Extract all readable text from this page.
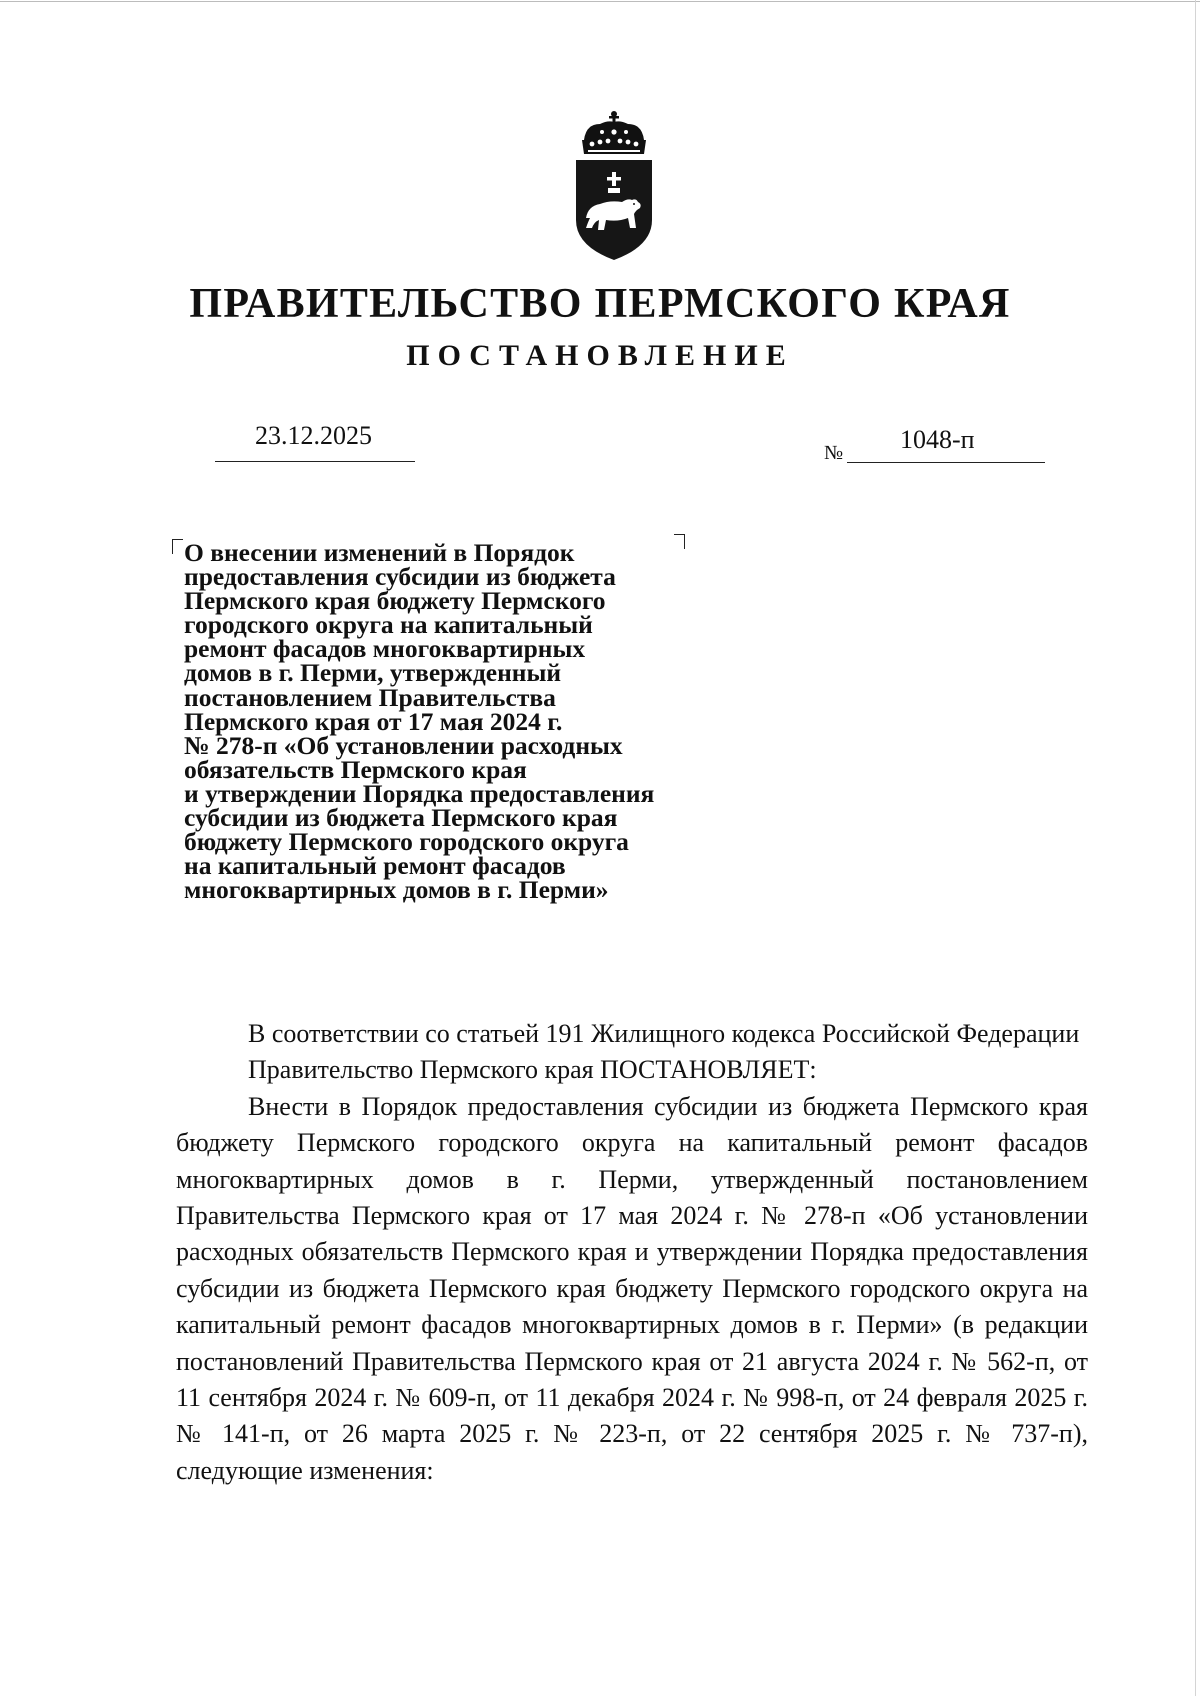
ПРАВИТЕЛЬСТВО ПЕРМСКОГО КРАЯ
ПОСТАНОВЛЕНИЕ
23.12.2025
№ 1048-п
О внесении изменений в Порядок
предоставления субсидии из бюджета
Пермского края бюджету Пермского
городского округа на капитальный
ремонт фасадов многоквартирных
домов в г. Перми, утвержденный
постановлением Правительства
Пермского края от 17 мая 2024 г.
№ 278-п «Об установлении расходных
обязательств Пермского края
и утверждении Порядка предоставления
субсидии из бюджета Пермского края
бюджету Пермского городского округа
на капитальный ремонт фасадов
многоквартирных домов в г. Перми»

В соответствии со статьей 191 Жилищного кодекса Российской Федерации

Правительство Пермского края ПОСТАНОВЛЯЕТ:

Внести в Порядок предоставления субсидии из бюджета Пермского края бюджету Пермского городского округа на капитальный ремонт фасадов многоквартирных домов в г. Перми, утвержденный постановлением Правительства Пермского края от 17 мая 2024 г. № 278-п «Об установлении расходных обязательств Пермского края и утверждении Порядка предоставления субсидии из бюджета Пермского края бюджету Пермского городского округа на капитальный ремонт фасадов многоквартирных домов в г. Перми» (в редакции постановлений Правительства Пермского края от 21 августа 2024 г. № 562-п, от 11 сентября 2024 г. № 609-п, от 11 декабря 2024 г. № 998-п, от 24 февраля 2025 г. № 141-п, от 26 марта 2025 г. № 223-п, от 22 сентября 2025 г. № 737-п), следующие изменения:
